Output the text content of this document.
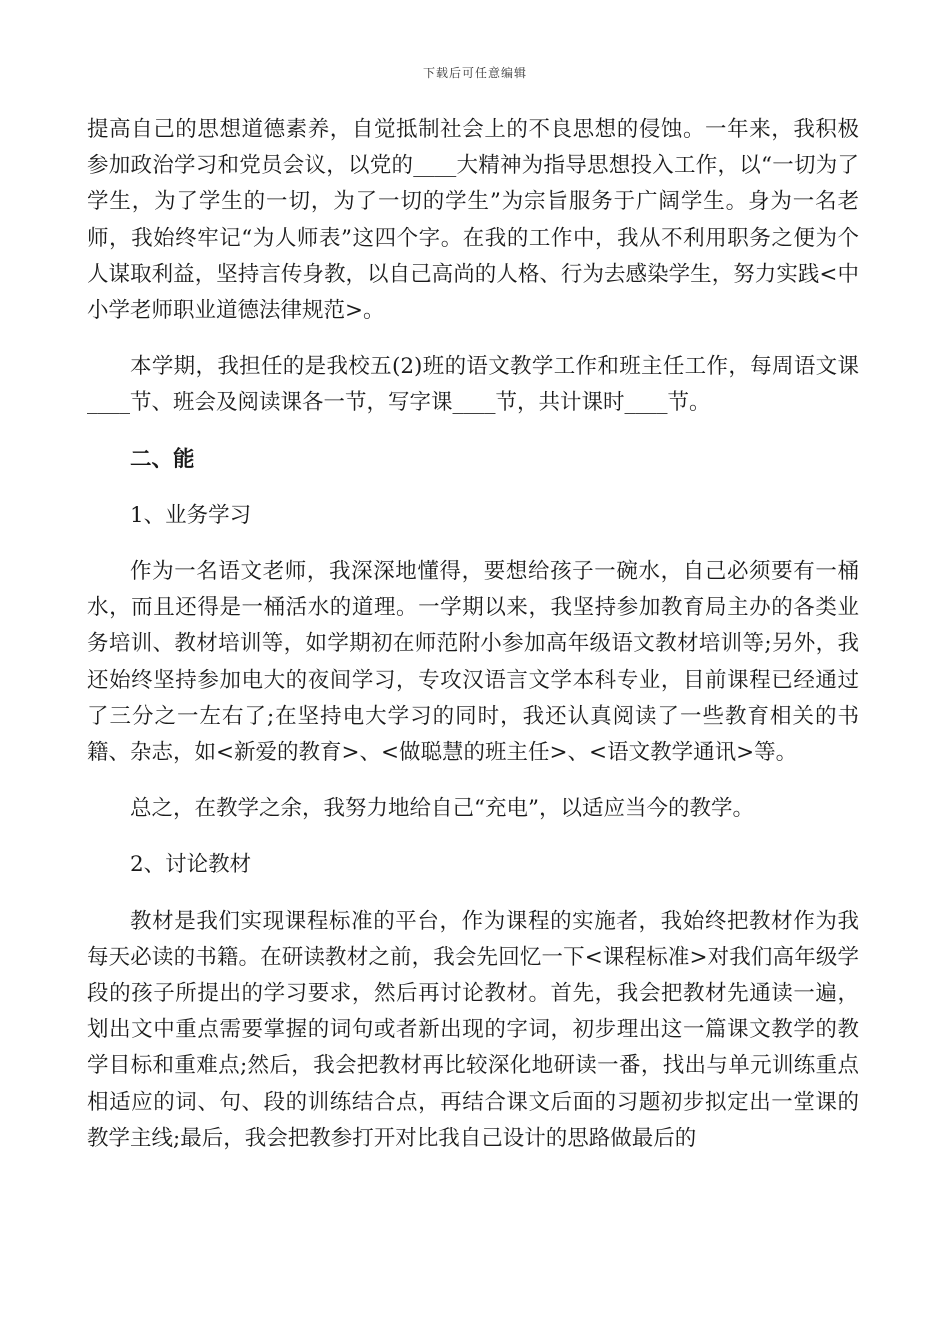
下载后可任意编辑

提高自己的思想道德素养，自觉抵制社会上的不良思想的侵蚀。一年来，我积极参加政治学习和党员会议，以党的____大精神为指导思想投入工作，以“一切为了学生，为了学生的一切，为了一切的学生”为宗旨服务于广阔学生。身为一名老师，我始终牢记“为人师表”这四个字。在我的工作中，我从不利用职务之便为个人谋取利益，坚持言传身教，以自己高尚的人格、行为去感染学生，努力实践<中小学老师职业道德法律规范>。

本学期，我担任的是我校五(2)班的语文教学工作和班主任工作，每周语文课____节、班会及阅读课各一节，写字课____节，共计课时____节。

二、能

1、业务学习

作为一名语文老师，我深深地懂得，要想给孩子一碗水，自己必须要有一桶水，而且还得是一桶活水的道理。一学期以来，我坚持参加教育局主办的各类业务培训、教材培训等，如学期初在师范附小参加高年级语文教材培训等;另外，我还始终坚持参加电大的夜间学习，专攻汉语言文学本科专业，目前课程已经通过了三分之一左右了;在坚持电大学习的同时，我还认真阅读了一些教育相关的书籍、杂志，如<新爱的教育>、<做聪慧的班主任>、<语文教学通讯>等。

总之，在教学之余，我努力地给自己“充电”，以适应当今的教学。

2、讨论教材

教材是我们实现课程标准的平台，作为课程的实施者，我始终把教材作为我每天必读的书籍。在研读教材之前，我会先回忆一下<课程标准>对我们高年级学段的孩子所提出的学习要求，然后再讨论教材。首先，我会把教材先通读一遍，划出文中重点需要掌握的词句或者新出现的字词，初步理出这一篇课文教学的教学目标和重难点;然后，我会把教材再比较深化地研读一番，找出与单元训练重点相适应的词、句、段的训练结合点，再结合课文后面的习题初步拟定出一堂课的教学主线;最后，我会把教参打开对比我自己设计的思路做最后的
